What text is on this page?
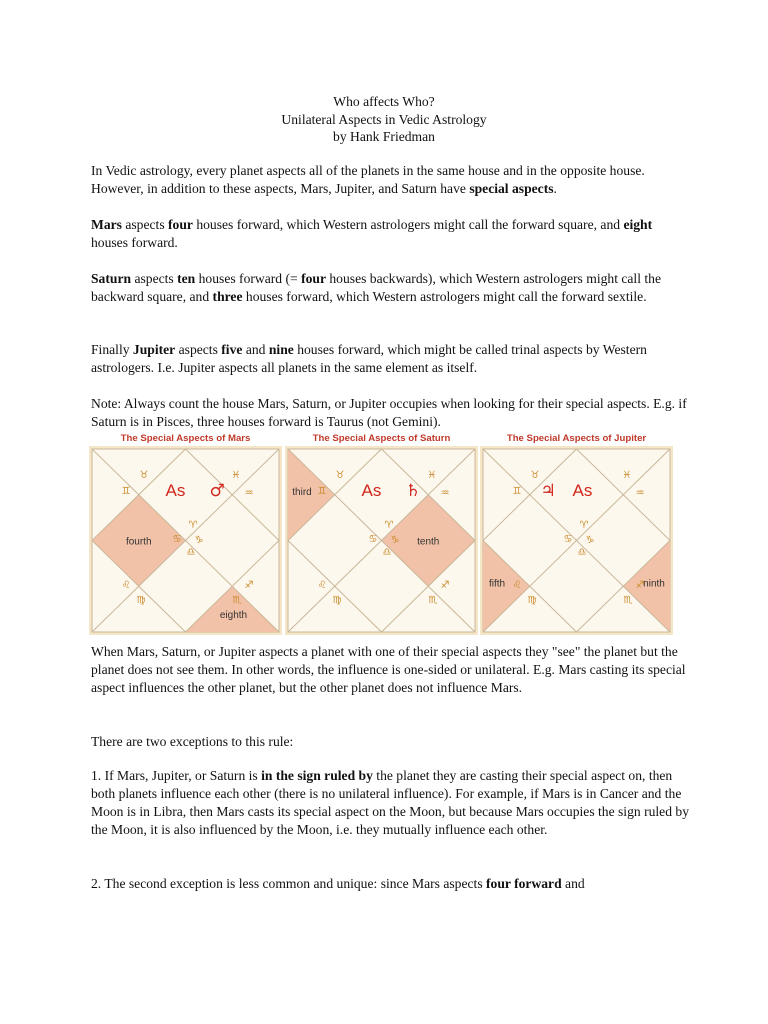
Who affects Who?
Unilateral Aspects in Vedic Astrology
by Hank Friedman

In Vedic astrology, every planet aspects all of the planets in the same house and in the opposite house. However, in addition to these aspects, Mars, Jupiter, and Saturn have special aspects.

Mars aspects four houses forward, which Western astrologers might call the forward square, and eight houses forward.

Saturn aspects ten houses forward (= four houses backwards), which Western astrologers might call the backward square, and three houses forward, which Western astrologers might call the forward sextile.

Finally Jupiter aspects five and nine houses forward, which might be called trinal aspects by Western astrologers. I.e. Jupiter aspects all planets in the same element as itself.

Note: Always count the house Mars, Saturn, or Jupiter occupies when looking for their special aspects. E.g. if Saturn is in Pisces, three houses forward is Taurus (not Gemini).

The Special Aspects of Mars
♉
♊
♓
♒
♈
♋ ♑
♎
♌
♍	♏
♐
As ♂
fourth
eighth
The Special Aspects of Saturn
♉
♊
♓
♒
♈
♋ ♑
♎
♌
♍	♏
♐
As ♄
third
tenth
The Special Aspects of Jupiter
♉
♊
♓
♒
♈
♋ ♑
♎
♌
♍	♏
♐
As
♃
fifth	ninth

When Mars, Saturn, or Jupiter aspects a planet with one of their special aspects they "see" the planet but the planet does not see them. In other words, the influence is one-sided or unilateral. E.g. Mars casting its special aspect influences the other planet, but the other planet does not influence Mars.

There are two exceptions to this rule:

1. If Mars, Jupiter, or Saturn is in the sign ruled by the planet they are casting their special aspect on, then both planets influence each other (there is no unilateral influence). For example, if Mars is in Cancer and the Moon is in Libra, then Mars casts its special aspect on the Moon, but because Mars occupies the sign ruled by the Moon, it is also influenced by the Moon, i.e. they mutually influence each other.

2. The second exception is less common and unique: since Mars aspects four forward and
